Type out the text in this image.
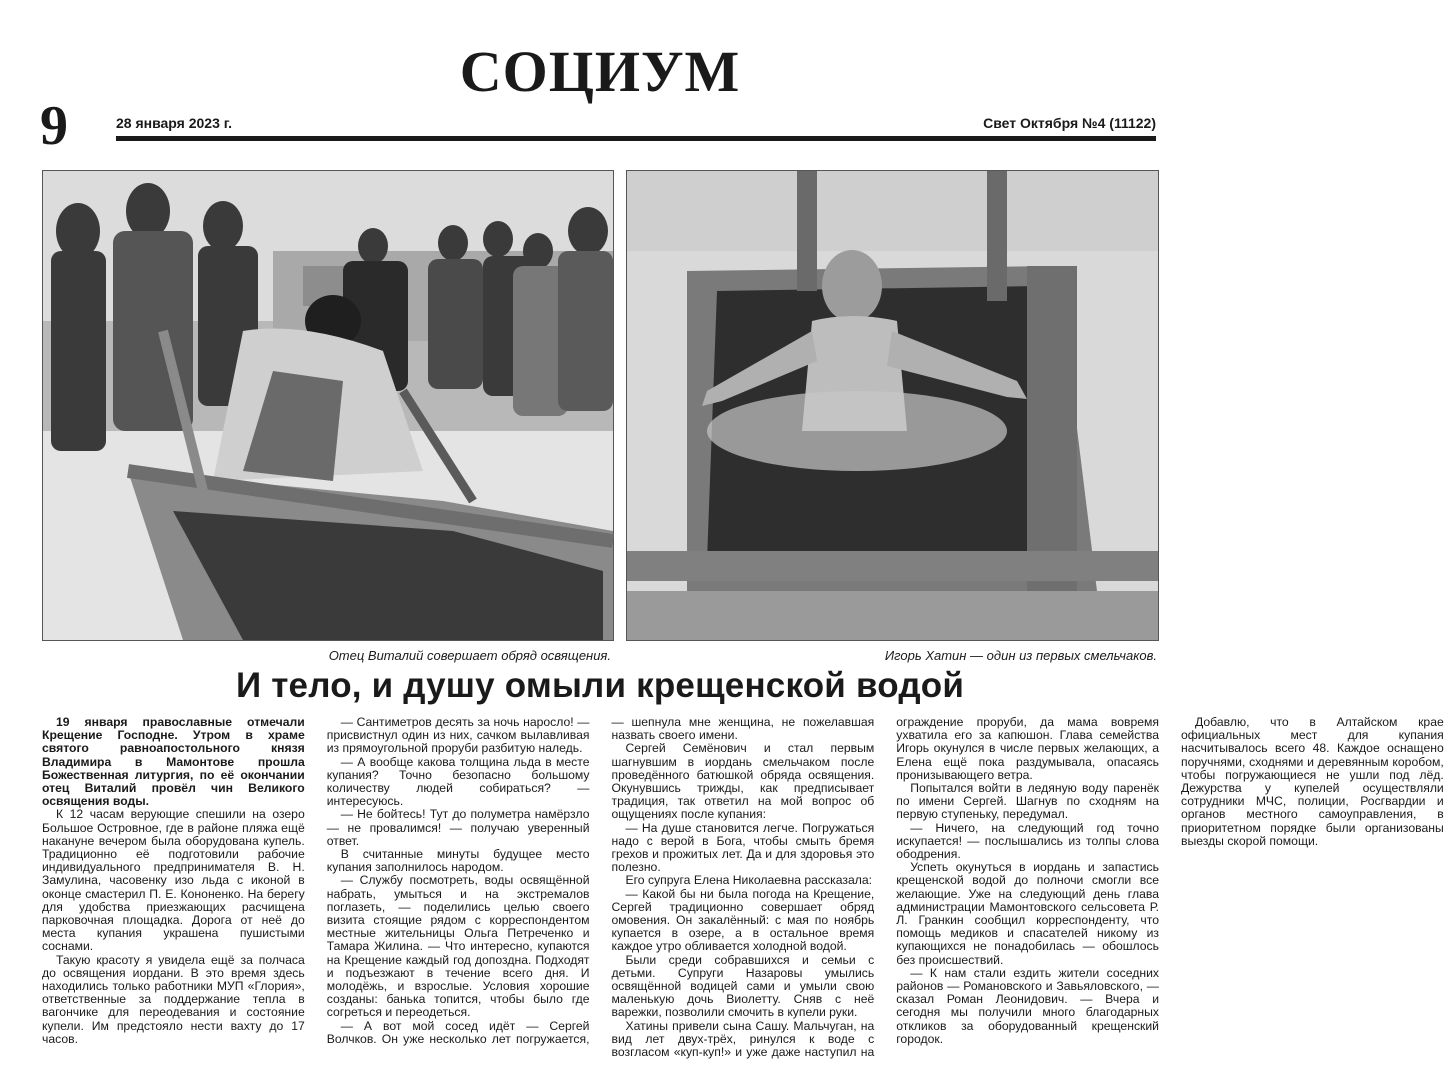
СОЦИУМ
9	28 января 2023 г.	Свет Октября №4 (11122)
Отец Виталий совершает обряд освящения.	Игорь Хатин — один из первых смельчаков.
И тело, и душу омыли крещенской водой

19 января православные отмечали Крещение Господне. Утром в храме святого равноапостольного князя Владимира в Мамонтове прошла Божественная литургия, по её окончании отец Виталий провёл чин Великого освящения воды.

К 12 часам верующие спешили на озеро Большое Островное, где в районе пляжа ещё накануне вечером была оборудована купель. Традиционно её подготовили рабочие индивидуального предпринимателя В. Н. Замулина, часовенку изо льда с иконой в оконце смастерил П. Е. Кононенко. На берегу для удобства приезжающих расчищена парковочная площадка. Дорога от неё до места купания украшена пушистыми соснами.

Такую красоту я увидела ещё за полчаса до освящения иордани. В это время здесь находились только работники МУП «Глория», ответственные за поддержание тепла в вагончике для переодевания и состояние купели. Им предстояло нести вахту до 17 часов.

— Сантиметров десять за ночь наросло! — присвистнул один из них, сачком вылавливая из прямоугольной проруби разбитую наледь.

— А вообще какова толщина льда в месте купания? Точно безопасно большому количеству людей собираться? — интересуюсь.

— Не бойтесь! Тут до полуметра намёрзло — не провалимся! — получаю уверенный ответ.

В считанные минуты будущее место купания заполнилось народом.

— Службу посмотреть, воды освящённой набрать, умыться и на экстремалов поглазеть, — поделились целью своего визита стоящие рядом с корреспондентом местные жительницы Ольга Петреченко и Тамара Жилина. — Что интересно, купаются на Крещение каждый год допоздна. Подходят и подъезжают в течение всего дня. И молодёжь, и взрослые. Условия хорошие созданы: банька топится, чтобы было где согреться и переодеться.

— А вот мой сосед идёт — Сергей Волчков. Он уже несколько лет погружается, — шепнула мне женщина, не пожелавшая назвать своего имени.

Сергей Семёнович и стал первым шагнувшим в иордань смельчаком после проведённого батюшкой обряда освящения. Окунувшись трижды, как предписывает традиция, так ответил на мой вопрос об ощущениях после купания:

— На душе становится легче. Погружаться надо с верой в Бога, чтобы смыть бремя грехов и прожитых лет. Да и для здоровья это полезно.

Его супруга Елена Николаевна рассказала:

— Какой бы ни была погода на Крещение, Сергей традиционно совершает обряд омовения. Он закалённый: с мая по ноябрь купается в озере, а в остальное время каждое утро обливается холодной водой.

Были среди собравшихся и семьи с детьми. Супруги Назаровы умылись освящённой водицей сами и умыли свою маленькую дочь Виолетту. Сняв с неё варежки, позволили смочить в купели руки.

Хатины привели сына Сашу. Мальчуган, на вид лет двух-трёх, ринулся к воде с возгласом «куп-куп!» и уже даже наступил на ограждение проруби, да мама вовремя ухватила его за капюшон. Глава семейства Игорь окунулся в числе первых желающих, а Елена ещё пока раздумывала, опасаясь пронизывающего ветра.

Попытался войти в ледяную воду паренёк по имени Сергей. Шагнув по сходням на первую ступеньку, передумал.

— Ничего, на следующий год точно искупается! — послышались из толпы слова ободрения.

Успеть окунуться в иордань и запастись крещенской водой до полночи смогли все желающие. Уже на следующий день глава администрации Мамонтовского сельсовета Р. Л. Гранкин сообщил корреспонденту, что помощь медиков и спасателей никому из купающихся не понадобилась — обошлось без происшествий.

— К нам стали ездить жители соседних районов — Романовского и Завьяловского, — сказал Роман Леонидович. — Вчера и сегодня мы получили много благодарных откликов за оборудованный крещенский городок.

Добавлю, что в Алтайском крае официальных мест для купания насчитывалось всего 48. Каждое оснащено поручнями, сходнями и деревянным коробом, чтобы погружающиеся не ушли под лёд. Дежурства у купелей осуществляли сотрудники МЧС, полиции, Росгвардии и органов местного самоуправления, в приоритетном порядке были организованы выезды скорой помощи.
